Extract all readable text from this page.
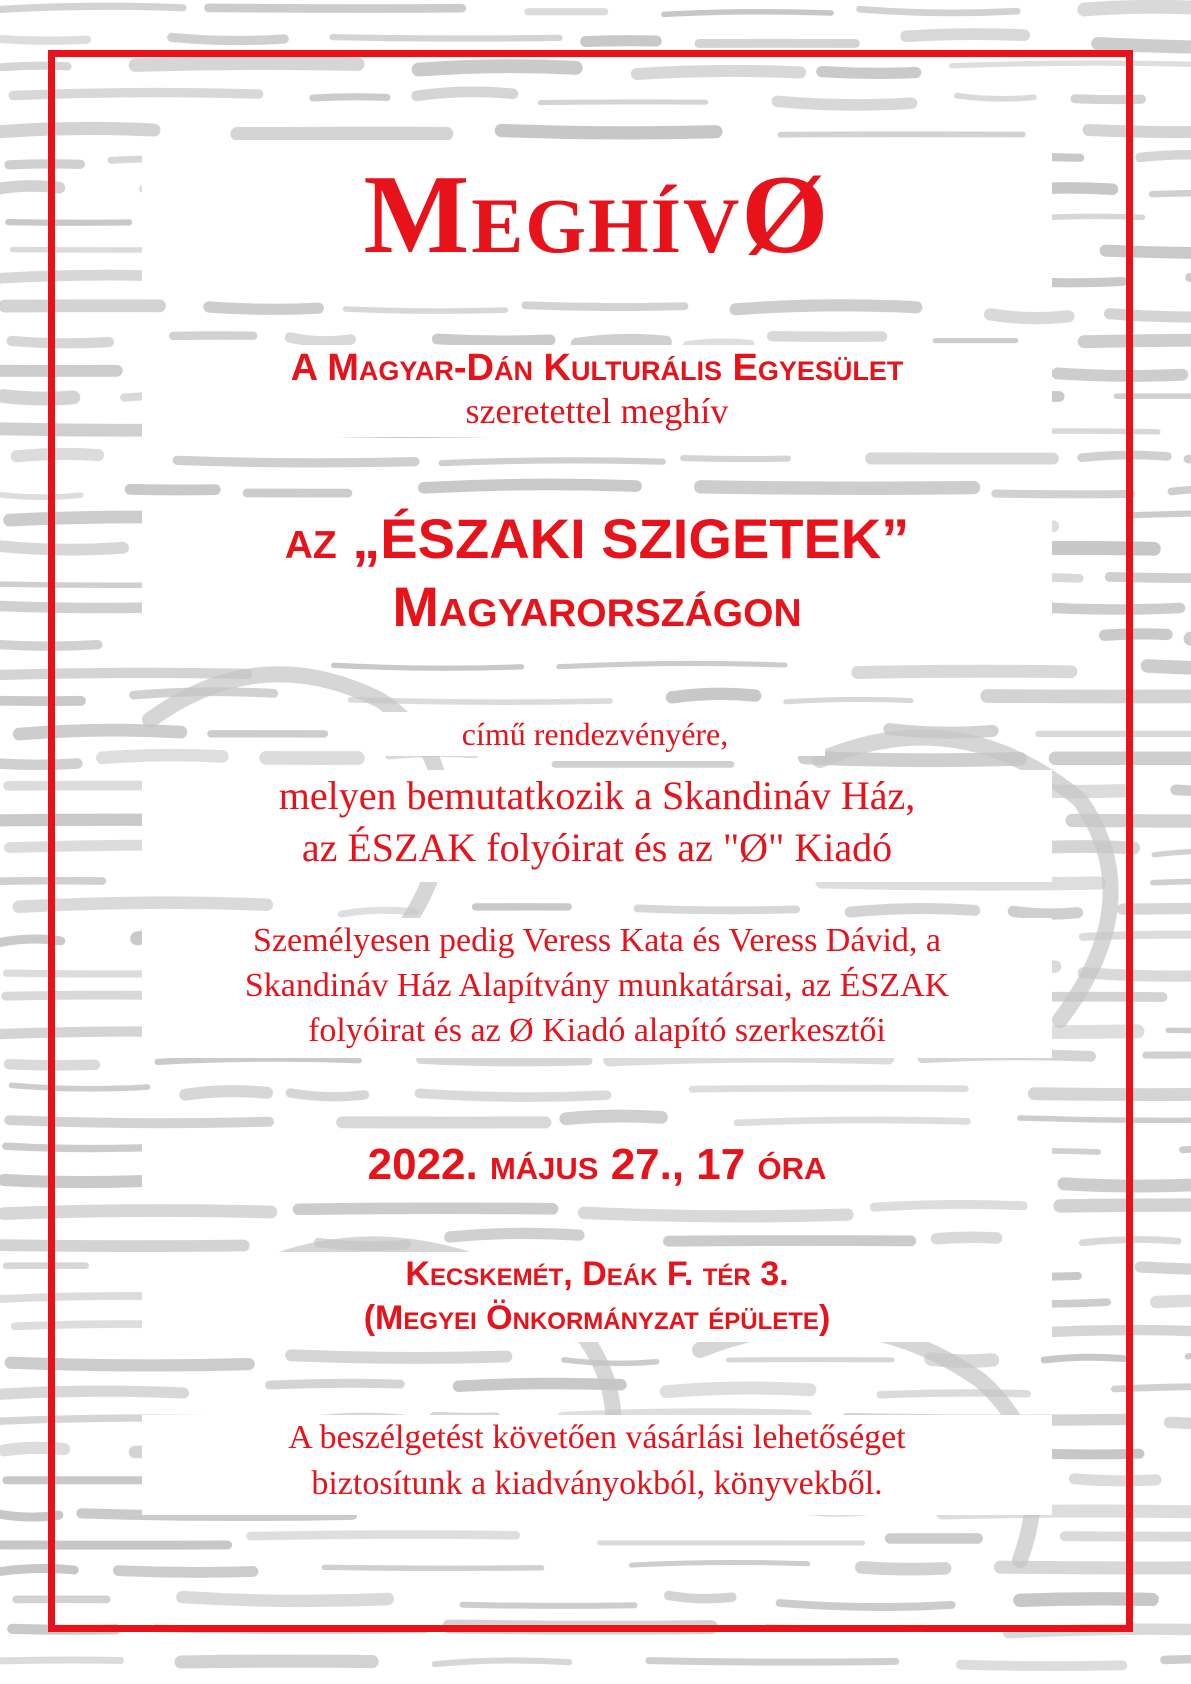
MeghívØ
A Magyar-Dán Kulturális Egyesület
szeretettel meghív
az „ÉSZAKI SZIGETEK”
Magyarországon
című rendezvényére,
melyen bemutatkozik a Skandináv Ház,
az ÉSZAK folyóirat és az "Ø" Kiadó
Személyesen pedig Veress Kata és Veress Dávid, a
Skandináv Ház Alapítvány munkatársai, az ÉSZAK
folyóirat és az Ø Kiadó alapító szerkesztői
2022. május 27., 17 óra
Kecskemét, Deák F. tér 3.
(Megyei Önkormányzat épülete)
A beszélgetést követően vásárlási lehetőséget
biztosítunk a kiadványokból, könyvekből.
